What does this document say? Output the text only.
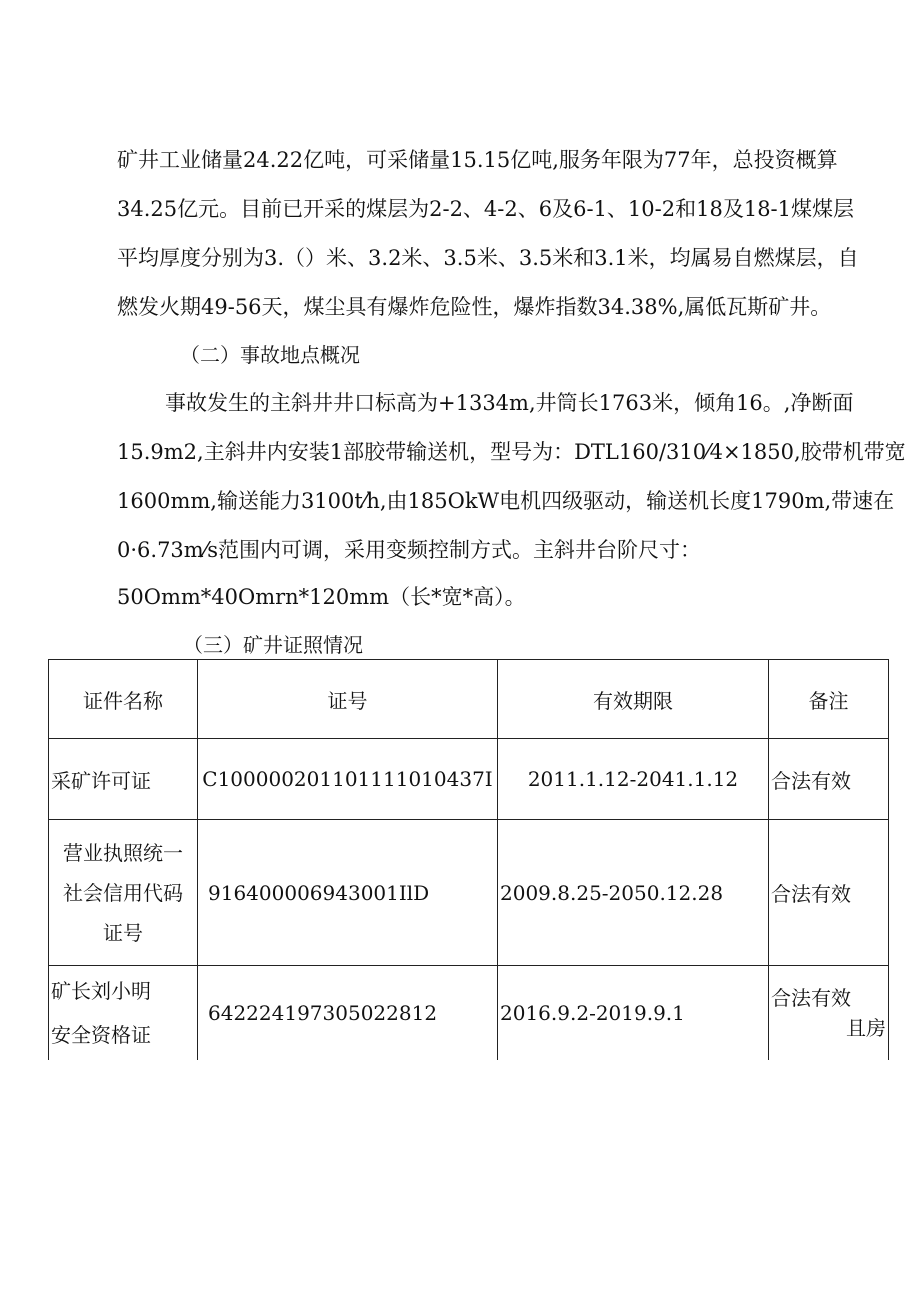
矿井工业储量24.22亿吨，可采储量15.15亿吨,服务年限为77年，总投资概算
34.25亿元。目前已开采的煤层为2-2、4-2、6及6-1、10-2和18及18-1煤煤层
平均厚度分别为3.（）米、3.2米、3.5米、3.5米和3.1米，均属易自燃煤层，自
燃发火期49-56天，煤尘具有爆炸危险性，爆炸指数34.38%,属低瓦斯矿井。
（二）事故地点概况
事故发生的主斜井井口标高为+1334m,井筒长1763米，倾角16。,净断面
15.9m2,主斜井内安装1部胶带输送机，型号为：DTL160/310⁄4×1850,胶带机带宽
1600mm,输送能力3100t⁄h,由185OkW电机四级驱动，输送机长度1790m,带速在
0·6.73m⁄s范围内可调，采用变频控制方式。主斜井台阶尺寸：
50Omm*40Omrn*120mm（长*宽*高）。
（三）矿井证照情况
证件名称	证号	有效期限	备注
采矿许可证	C100000201101111010437I	2011.1.12-2041.1.12	合法有效

营业执照统一
社会信用代码
证号	916400006943001IlD	2009.8.25-2050.12.28	合法有效

矿长刘小明
安全资格证	642224197305022812	2016.9.2-2019.9.1	合法有效
且房
